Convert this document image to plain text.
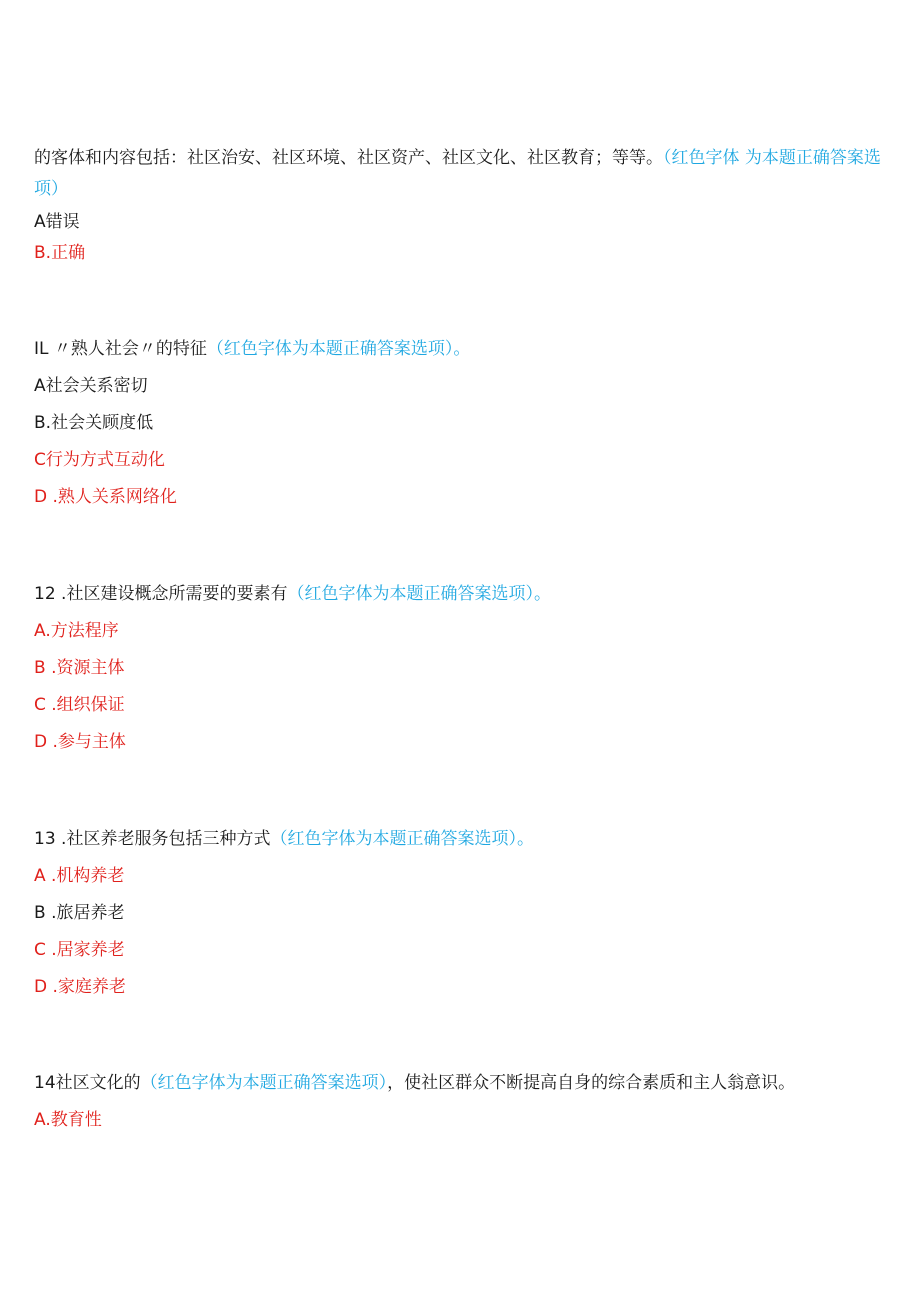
的客体和内容包括：社区治安、社区环境、社区资产、社区文化、社区教育；等等。（红色字体 为本题正确答案选项）
A错误
B.正确
IL 〃熟人社会〃的特征（红色字体为本题正确答案选项）。
A社会关系密切
B.社会关顾度低
C行为方式互动化
D .熟人关系网络化
12 .社区建设概念所需要的要素有（红色字体为本题正确答案选项）。
A.方法程序
B .资源主体
C .组织保证
D .参与主体
13 .社区养老服务包括三种方式（红色字体为本题正确答案选项）。
A .机构养老
B .旅居养老
C .居家养老
D .家庭养老
14社区文化的（红色字体为本题正确答案选项），使社区群众不断提高自身的综合素质和主人翁意识。
A.教育性
